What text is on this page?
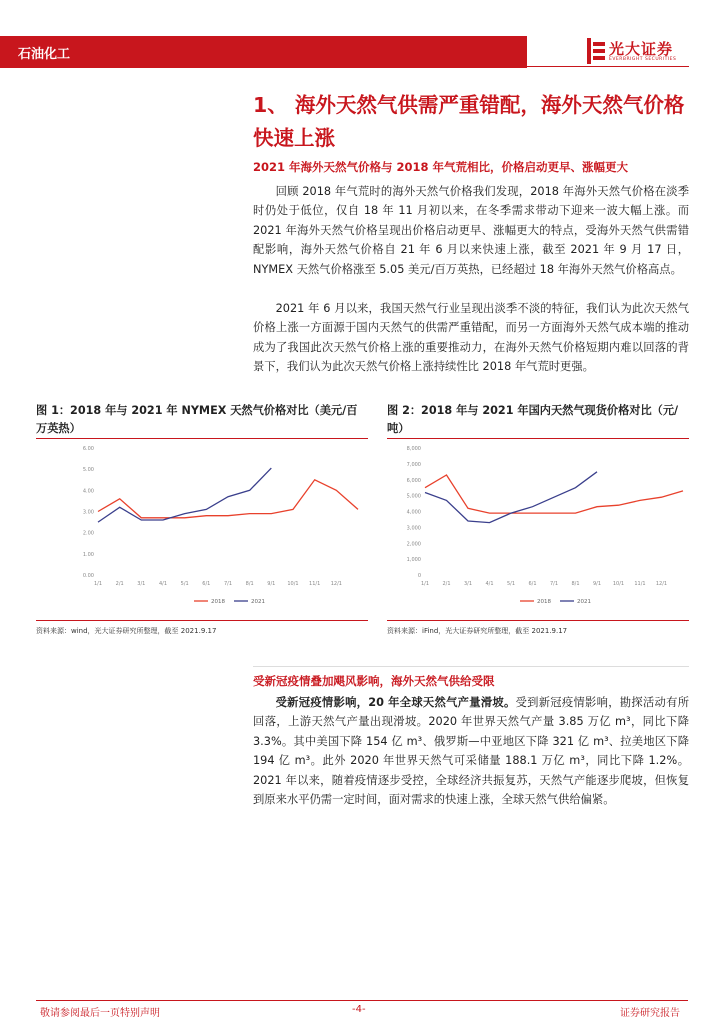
石油化工	光大证券
EVERBRIGHT SECURITIES
1、 海外天然气供需严重错配，海外天然气价格快速上涨
2021 年海外天然气价格与 2018 年气荒相比，价格启动更早、涨幅更大

回顾 2018 年气荒时的海外天然气价格我们发现，2018 年海外天然气价格在淡季时仍处于低位，仅自 18 年 11 月初以来，在冬季需求带动下迎来一波大幅上涨。而 2021 年海外天然气价格呈现出价格启动更早、涨幅更大的特点，受海外天然气供需错配影响，海外天然气价格自 21 年 6 月以来快速上涨，截至 2021 年 9 月 17 日， NYMEX 天然气价格涨至 5.05 美元/百万英热，已经超过 18 年海外天然气价格高点。

2021 年 6 月以来，我国天然气行业呈现出淡季不淡的特征，我们认为此次天然气价格上涨一方面源于国内天然气的供需严重错配，而另一方面海外天然气成本端的推动成为了我国此次天然气价格上涨的重要推动力，在海外天然气价格短期内难以回落的背景下，我们认为此次天然气价格上涨持续性比 2018 年气荒时更强。

图 1：2018 年与 2021 年 NYMEX 天然气价格对比（美元/百万英热）
0.00
1.00
2.00
3.00
4.00
5.00
6.00
1/1	2/1	3/1	4/1	5/1	6/1	7/1	8/1	9/1 10/1 11/1 12/1
2018	2021
资料来源：wind，光大证券研究所整理，截至 2021.9.17
图 2：2018 年与 2021 年国内天然气现货价格对比（元/吨）
0
1,000
2,000
3,000
4,000
5,000
6,000
7,000
8,000
1/1	2/1	3/1	4/1	5/1	6/1	7/1	8/1	9/1 10/1 11/1 12/1
2018	2021
资料来源：iFind，光大证券研究所整理，截至 2021.9.17
受新冠疫情叠加飓风影响，海外天然气供给受限

受新冠疫情影响，20 年全球天然气产量滑坡。受到新冠疫情影响，勘探活动有所回落，上游天然气产量出现滑坡。2020 年世界天然气产量 3.85 万亿 m³，同比下降 3.3%。其中美国下降 154 亿 m³、俄罗斯—中亚地区下降 321 亿 m³、拉美地区下降 194 亿 m³。此外 2020 年世界天然气可采储量 188.1 万亿 m³，同比下降 1.2%。2021 年以来，随着疫情逐步受控，全球经济共振复苏，天然气产能逐步爬坡，但恢复到原来水平仍需一定时间，面对需求的快速上涨，全球天然气供给偏紧。

敬请参阅最后一页特别声明	-4-	证券研究报告
